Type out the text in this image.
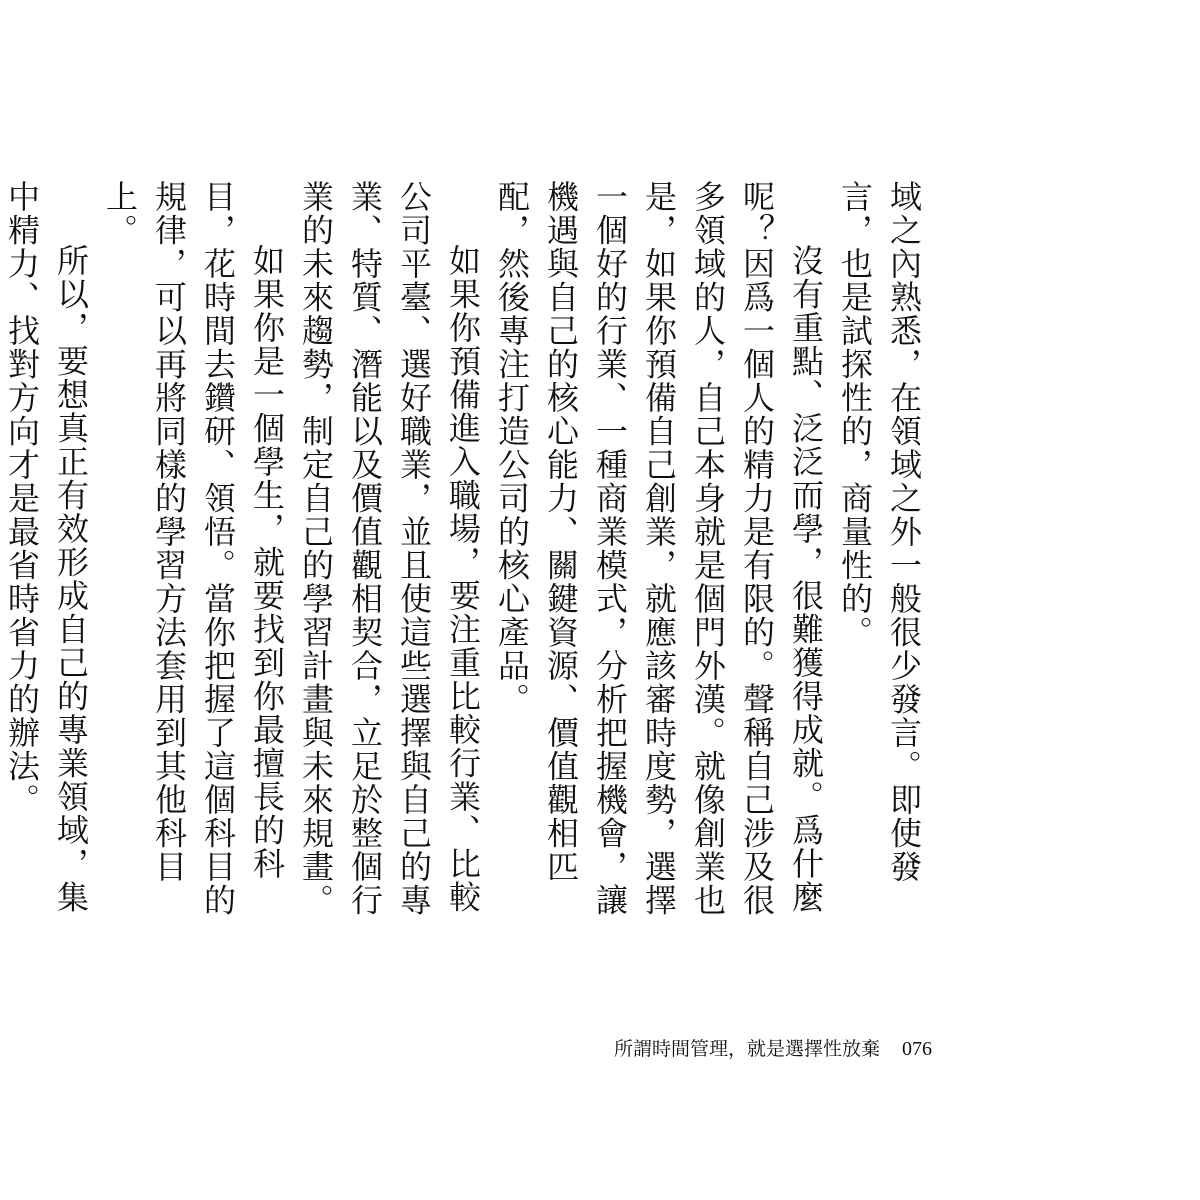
域之內熟悉，在領域之外一般很少發言。即使發言，也是試探性的，商量性的。

沒有重點、泛泛而學，很難獲得成就。爲什麼呢？因爲一個人的精力是有限的。聲稱自己涉及很多領域的人，自己本身就是個門外漢。就像創業也是，如果你預備自己創業，就應該審時度勢，選擇一個好的行業、一種商業模式，分析把握機會，讓機遇與自己的核心能力、關鍵資源、價值觀相匹配，然後專注打造公司的核心產品。

如果你預備進入職場，要注重比較行業、比較公司平臺、選好職業，並且使這些選擇與自己的專業、特質、潛能以及價值觀相契合，立足於整個行業的未來趨勢，制定自己的學習計畫與未來規畫。

如果你是一個學生，就要找到你最擅長的科目，花時間去鑽研、領悟。當你把握了這個科目的規律，可以再將同樣的學習方法套用到其他科目上。

所以，要想真正有效形成自己的專業領域，集中精力、找對方向才是最省時省力的辦法。

所謂時間管理，就是選擇性放棄 076
